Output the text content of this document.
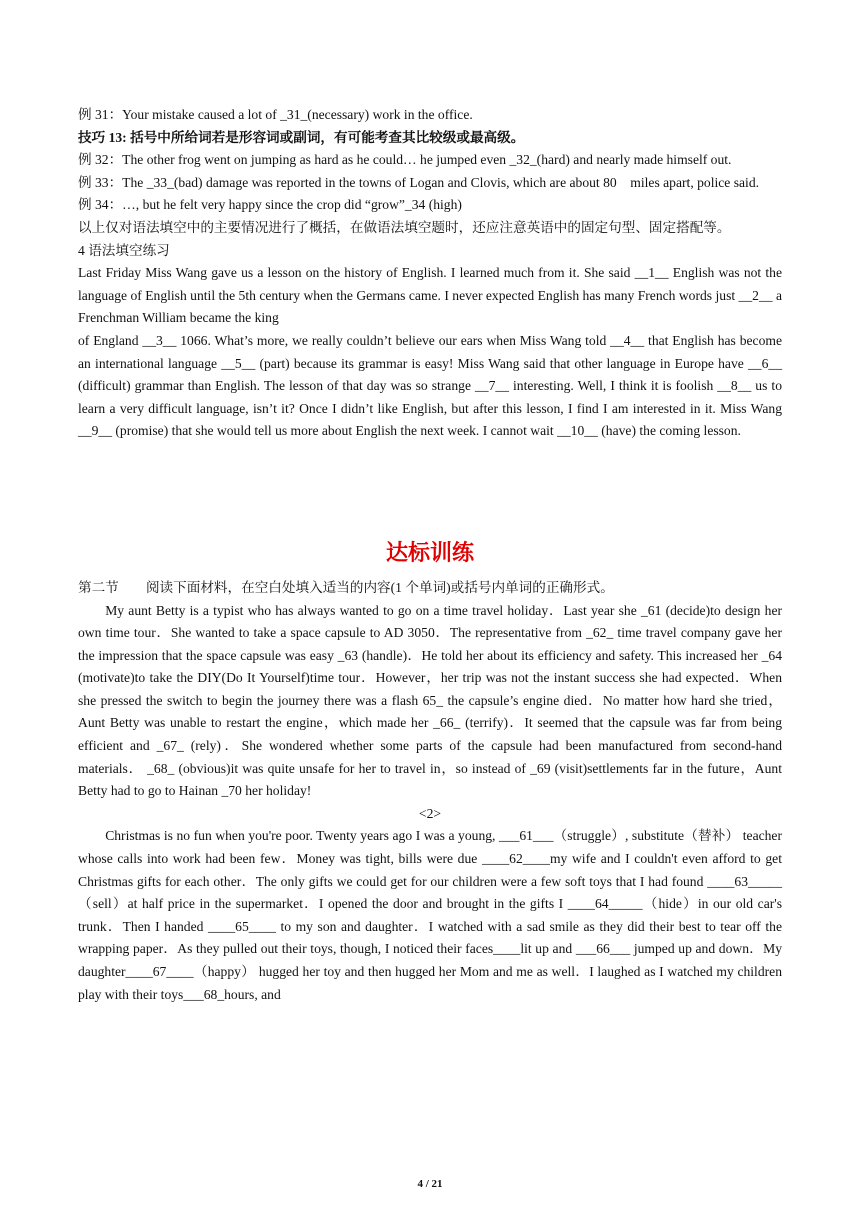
例 31：Your mistake caused a lot of _31_(necessary) work in the office.

技巧 13: 括号中所给词若是形容词或副词，有可能考查其比较级或最高级。

例 32：The other frog went on jumping as hard as he could… he jumped even _32_(hard) and nearly made himself out.

例 33：The _33_(bad) damage was reported in the towns of Logan and Clovis, which are about 80　miles apart, police said.

例 34：…, but he felt very happy since the crop did “grow”_34 (high)

以上仅对语法填空中的主要情况进行了概括，在做语法填空题时，还应注意英语中的固定句型、固定搭配等。

4 语法填空练习

Last Friday Miss Wang gave us a lesson on the history of English. I learned much from it. She said __1__ English was not the language of English until the 5th century when the Germans came. I never expected English has many French words just __2__ a Frenchman William became the king

of England __3__ 1066. What’s more, we really couldn’t believe our ears when Miss Wang told __4__ that English has become an international language __5__ (part) because its grammar is easy! Miss Wang said that other language in Europe have __6__ (difficult) grammar than English. The lesson of that day was so strange __7__ interesting. Well, I think it is foolish __8__ us to learn a very difficult language, isn’t it? Once I didn’t like English, but after this lesson, I find I am interested in it. Miss Wang __9__ (promise) that she would tell us more about English the next week. I cannot wait __10__ (have) the coming lesson.

达标训练

第二节　　阅读下面材料，在空白处填入适当的内容(1 个单词)或括号内单词的正确形式。

My aunt Betty is a typist who has always wanted to go on a time travel holiday．Last year she _61 (decide)to design her own time tour．She wanted to take a space capsule to AD 3050．The representative from _62_ time travel company gave her the impression that the space capsule was easy _63 (handle)．He told her about its efficiency and safety. This increased her _64 (motivate)to take the DIY(Do It Yourself)time tour．However，her trip was not the instant success she had expected．When she pressed the switch to begin the journey there was a flash 65_ the capsule’s engine died．No matter how hard she tried，Aunt Betty was unable to restart the engine，which made her _66_ (terrify)．It seemed that the capsule was far from being efficient and _67_ (rely)．She wondered whether some parts of the capsule had been manufactured from second-hand materials． _68_ (obvious)it was quite unsafe for her to travel in，so instead of _69 (visit)settlements far in the future，Aunt Betty had to go to Hainan _70 her holiday!

<2>

Christmas is no fun when you're poor. Twenty years ago I was a young, ___61___（struggle）, substitute（替补） teacher whose calls into work had been few．Money was tight, bills were due ____62____my wife and I couldn't even afford to get Christmas gifts for each other．The only gifts we could get for our children were a few soft toys that I had found ____63_____（sell）at half price in the supermarket．I opened the door and brought in the gifts I ____64_____（hide）in our old car's trunk．Then I handed ____65____ to my son and daughter．I watched with a sad smile as they did their best to tear off the wrapping paper．As they pulled out their toys, though, I noticed their faces____lit up and ___66___ jumped up and down．My daughter____67____（happy） hugged her toy and then hugged her Mom and me as well．I laughed as I watched my children play with their toys___68_hours, and

4 / 21
